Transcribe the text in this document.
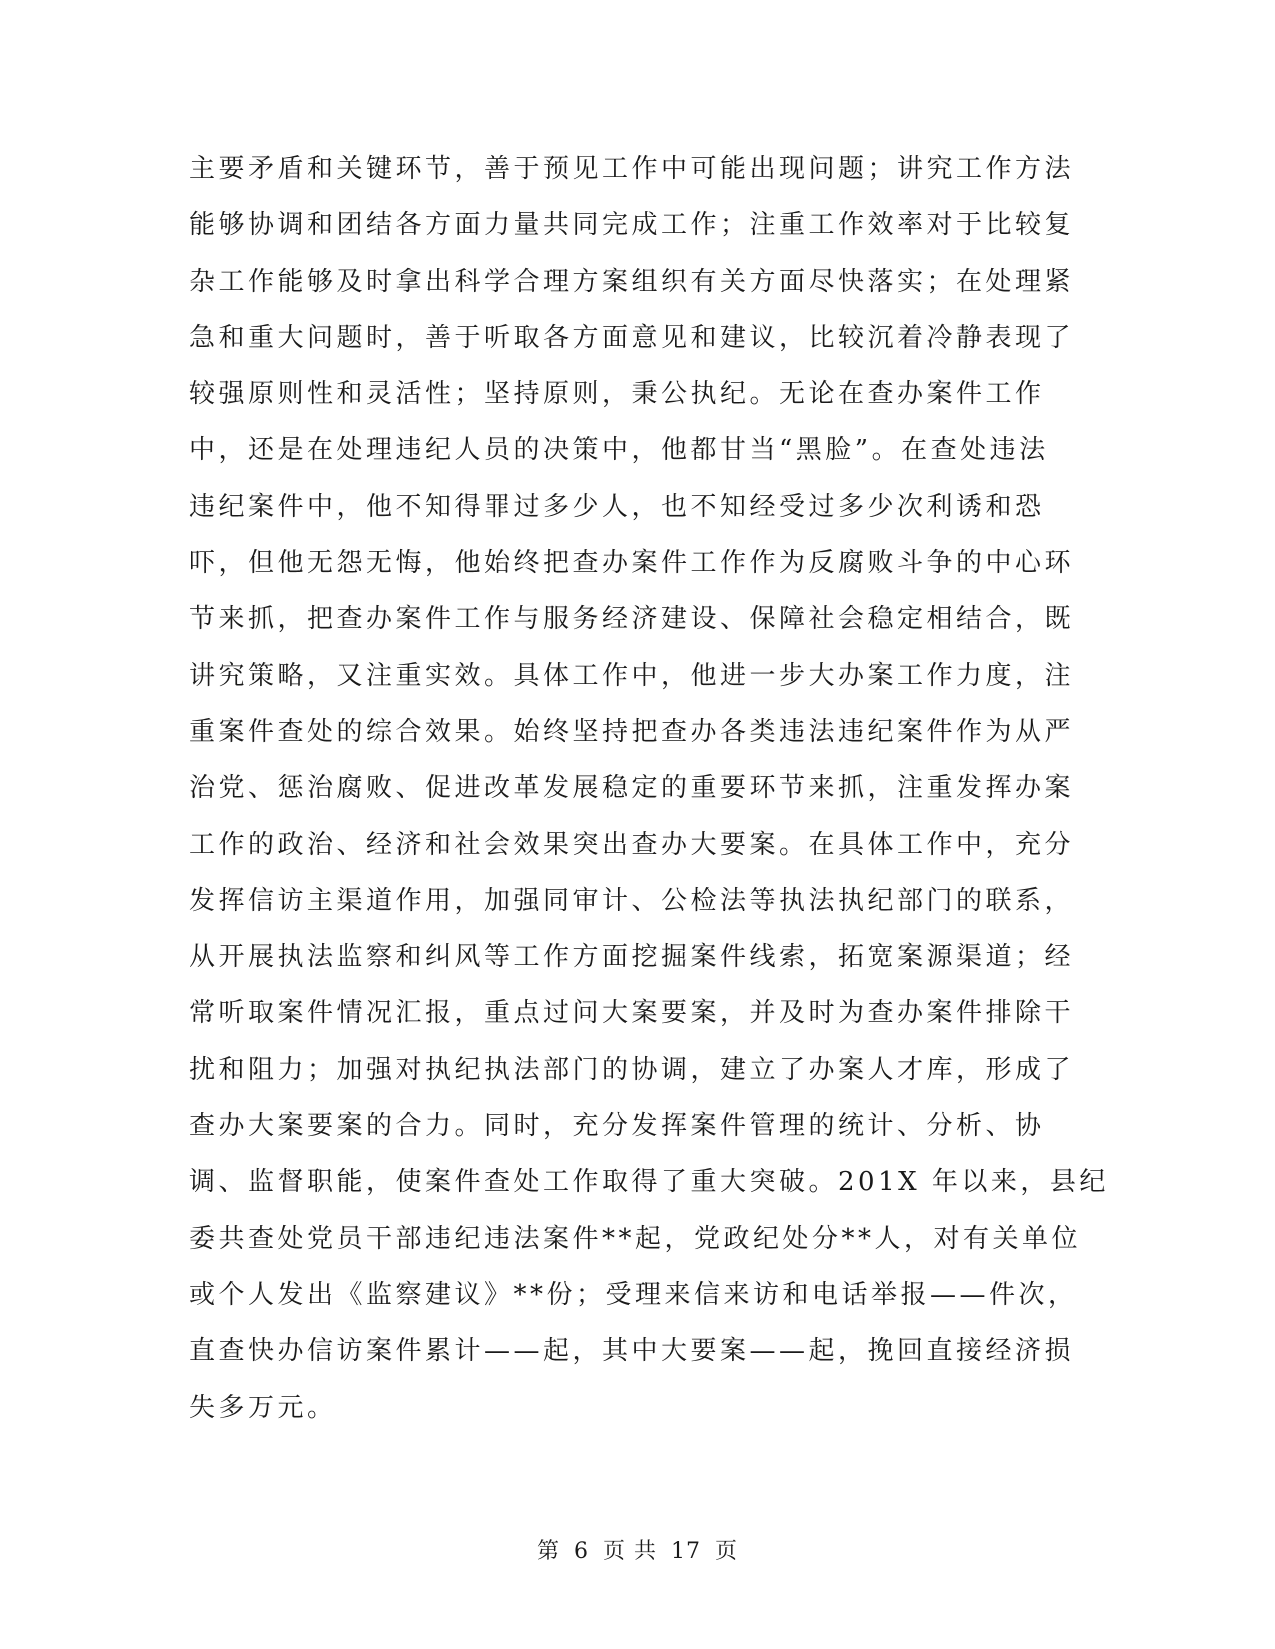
主要矛盾和关键环节，善于预见工作中可能出现问题；讲究工作方法
能够协调和团结各方面力量共同完成工作；注重工作效率对于比较复
杂工作能够及时拿出科学合理方案组织有关方面尽快落实；在处理紧
急和重大问题时，善于听取各方面意见和建议，比较沉着冷静表现了
较强原则性和灵活性；坚持原则，秉公执纪。无论在查办案件工作
中，还是在处理违纪人员的决策中，他都甘当“黑脸”。在查处违法
违纪案件中，他不知得罪过多少人，也不知经受过多少次利诱和恐
吓，但他无怨无悔，他始终把查办案件工作作为反腐败斗争的中心环
节来抓，把查办案件工作与服务经济建设、保障社会稳定相结合，既
讲究策略，又注重实效。具体工作中，他进一步大办案工作力度，注
重案件查处的综合效果。始终坚持把查办各类违法违纪案件作为从严
治党、惩治腐败、促进改革发展稳定的重要环节来抓，注重发挥办案
工作的政治、经济和社会效果突出查办大要案。在具体工作中，充分
发挥信访主渠道作用，加强同审计、公检法等执法执纪部门的联系，
从开展执法监察和纠风等工作方面挖掘案件线索，拓宽案源渠道；经
常听取案件情况汇报，重点过问大案要案，并及时为查办案件排除干
扰和阻力；加强对执纪执法部门的协调，建立了办案人才库，形成了
查办大案要案的合力。同时，充分发挥案件管理的统计、分析、协
调、监督职能，使案件查处工作取得了重大突破。201X 年以来，县纪
委共查处党员干部违纪违法案件**起，党政纪处分**人，对有关单位
或个人发出《监察建议》**份；受理来信来访和电话举报——件次，
直查快办信访案件累计——起，其中大要案——起，挽回直接经济损
失多万元。
第 6 页 共 17 页
